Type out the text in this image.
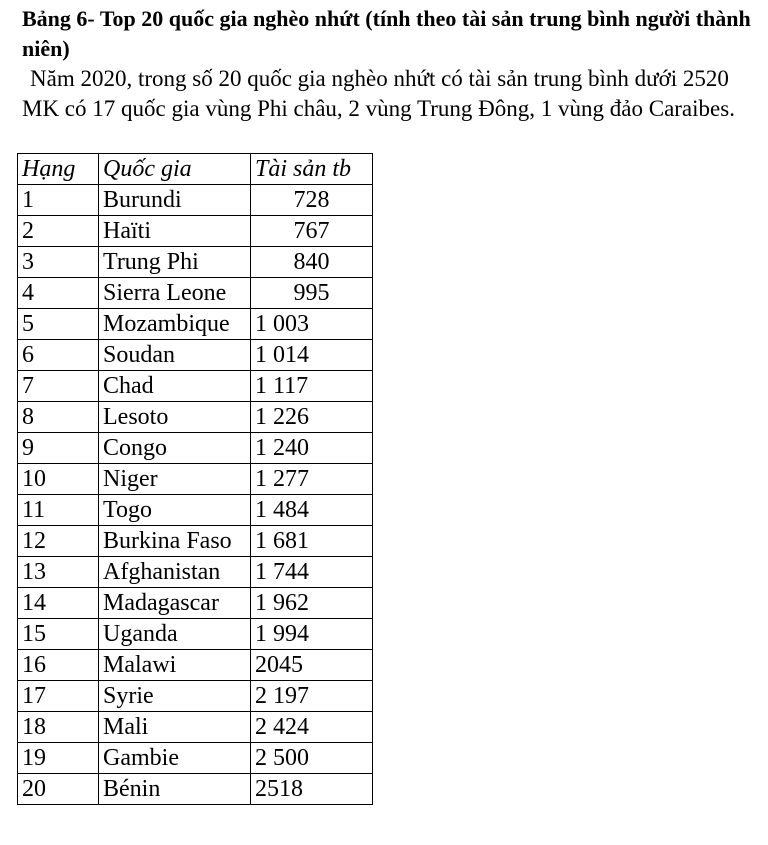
Bảng 6- Top 20 quốc gia nghèo nhứt (tính theo tài sản trung bình người thành niên)

Năm 2020, trong số 20 quốc gia nghèo nhứt có tài sản trung bình dưới 2520 MK có 17 quốc gia vùng Phi châu, 2 vùng Trung Đông, 1 vùng đảo Caraibes.

Hạng	Quốc gia	Tài sản tb
1	Burundi	728
2	Haïti	767
3	Trung Phi	840
4	Sierra Leone	995
5	Mozambique	1 003
6	Soudan	1 014
7	Chad	1 117
8	Lesoto	1 226
9	Congo	1 240
10	Niger	1 277
11	Togo	1 484
12	Burkina Faso	1 681
13	Afghanistan	1 744
14	Madagascar	1 962
15	Uganda	1 994
16	Malawi	2045
17	Syrie	2 197
18	Mali	2 424
19	Gambie	2 500
20	Bénin	2518
